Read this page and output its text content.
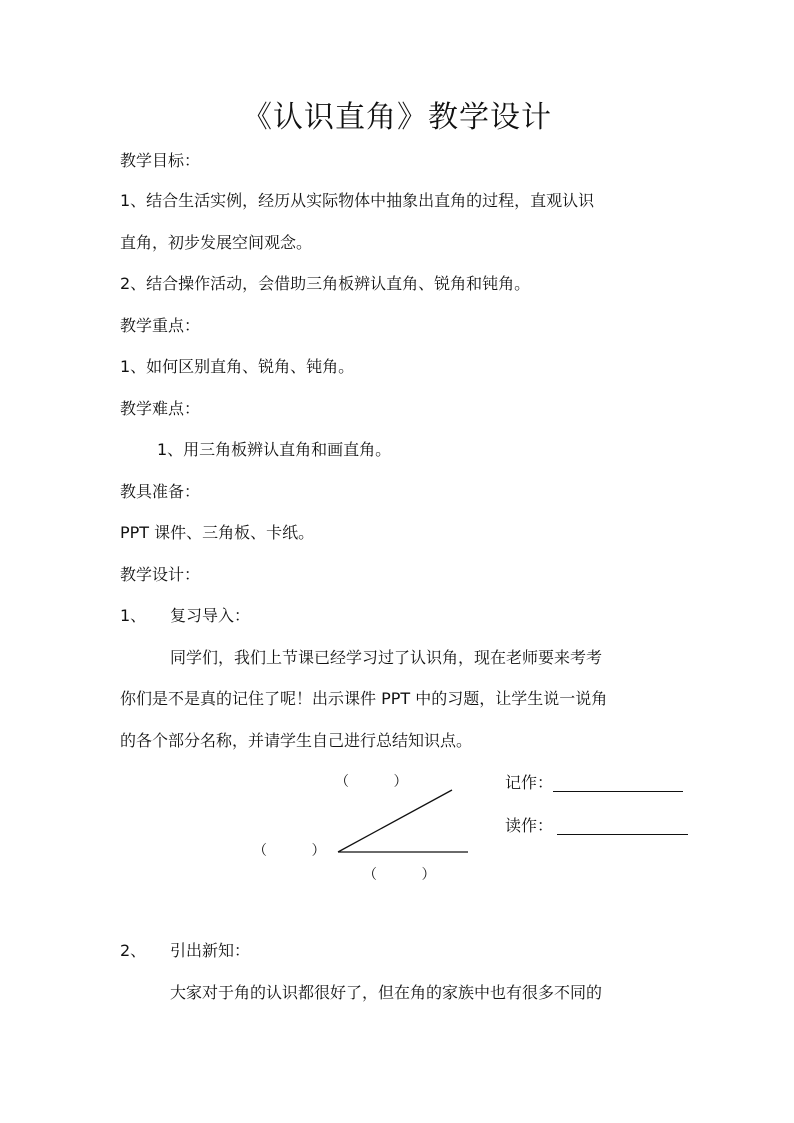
《认识直角》教学设计
教学目标：
1、结合生活实例，经历从实际物体中抽象出直角的过程，直观认识
直角，初步发展空间观念。
2、结合操作活动，会借助三角板辨认直角、锐角和钝角。
教学重点：
1、如何区别直角、锐角、钝角。
教学难点：
1、用三角板辨认直角和画直角。
教具准备：
PPT 课件、三角板、卡纸。
教学设计：
1、 复习导入：
同学们，我们上节课已经学习过了认识角，现在老师要来考考
你们是不是真的记住了呢！出示课件 PPT 中的习题，让学生说一说角
的各个部分名称，并请学生自己进行总结知识点。
（          ）
（          ）
（          ）
记作：
读作：
2、 引出新知：
大家对于角的认识都很好了，但在角的家族中也有很多不同的
